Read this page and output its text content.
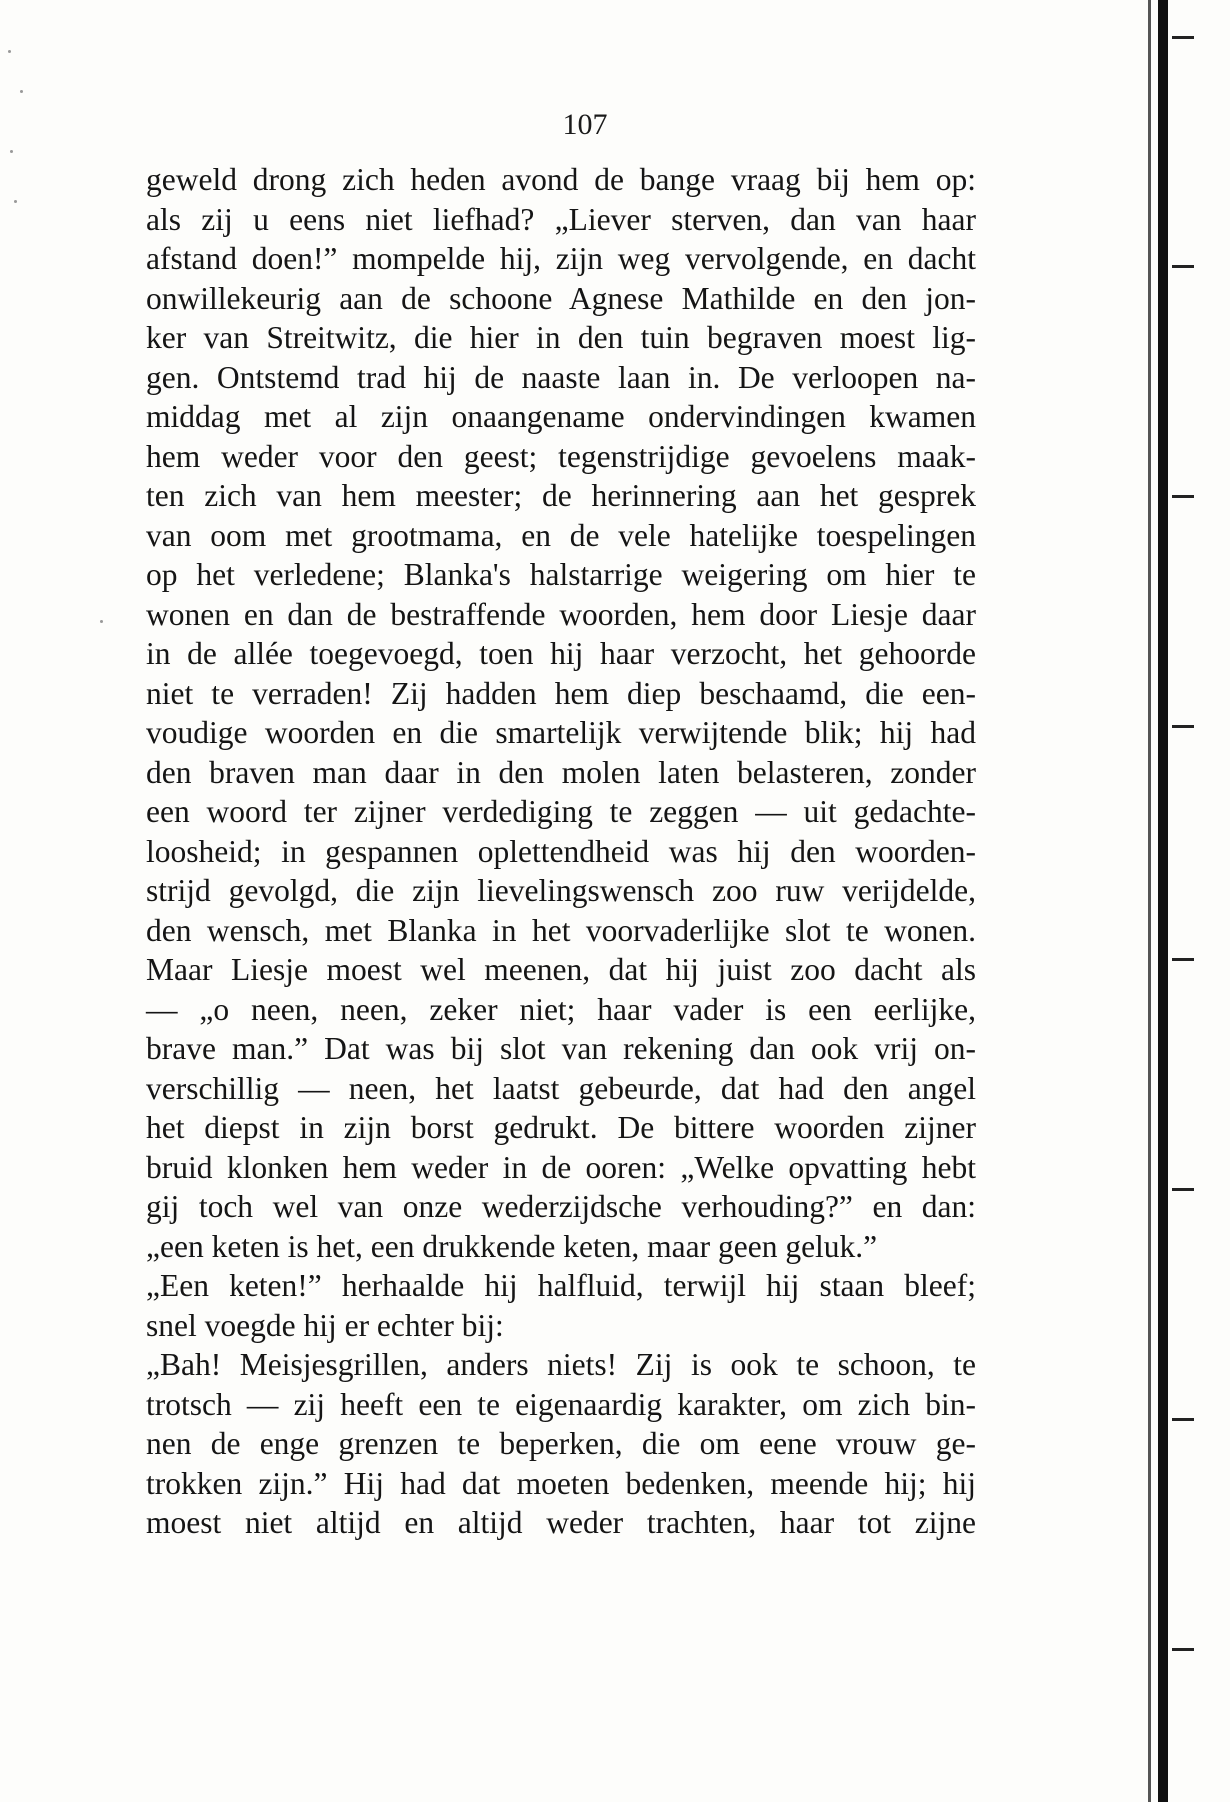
107
geweld drong zich heden avond de bange vraag bij hem op:
als zij u eens niet liefhad? „Liever sterven, dan van haar
afstand doen!” mompelde hij, zijn weg vervolgende, en dacht
onwillekeurig aan de schoone Agnese Mathilde en den jon-
ker van Streitwitz, die hier in den tuin begraven moest lig-
gen. Ontstemd trad hij de naaste laan in. De verloopen na-
middag met al zijn onaangename ondervindingen kwamen
hem weder voor den geest; tegenstrijdige gevoelens maak-
ten zich van hem meester; de herinnering aan het gesprek
van oom met grootmama, en de vele hatelijke toespelingen
op het verledene; Blanka's halstarrige weigering om hier te
wonen en dan de bestraffende woorden, hem door Liesje daar
in de allée toegevoegd, toen hij haar verzocht, het gehoorde
niet te verraden! Zij hadden hem diep beschaamd, die een-
voudige woorden en die smartelijk verwijtende blik; hij had
den braven man daar in den molen laten belasteren, zonder
een woord ter zijner verdediging te zeggen — uit gedachte-
loosheid; in gespannen oplettendheid was hij den woorden-
strijd gevolgd, die zijn lievelingswensch zoo ruw verijdelde,
den wensch, met Blanka in het voorvaderlijke slot te wonen.
Maar Liesje moest wel meenen, dat hij juist zoo dacht als
— „o neen, neen, zeker niet; haar vader is een eerlijke,
brave man.” Dat was bij slot van rekening dan ook vrij on-
verschillig — neen, het laatst gebeurde, dat had den angel
het diepst in zijn borst gedrukt. De bittere woorden zijner
bruid klonken hem weder in de ooren: „Welke opvatting hebt
gij toch wel van onze wederzijdsche verhouding?” en dan:
„een keten is het, een drukkende keten, maar geen geluk.”
„Een keten!” herhaalde hij halfluid, terwijl hij staan bleef;
snel voegde hij er echter bij:
„Bah! Meisjesgrillen, anders niets! Zij is ook te schoon, te
trotsch — zij heeft een te eigenaardig karakter, om zich bin-
nen de enge grenzen te beperken, die om eene vrouw ge-
trokken zijn.” Hij had dat moeten bedenken, meende hij; hij
moest niet altijd en altijd weder trachten, haar tot zijne
